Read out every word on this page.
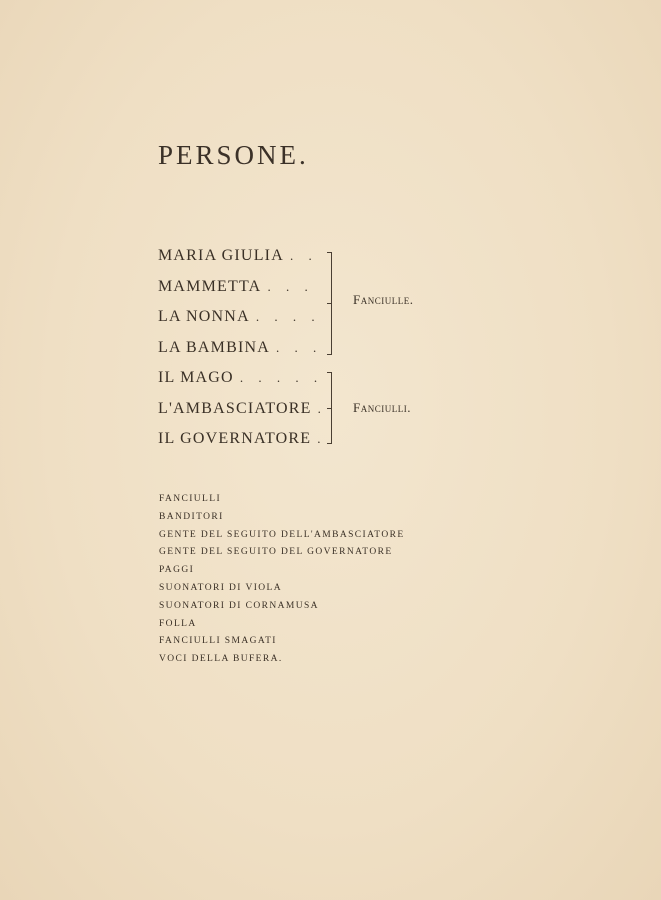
PERSONE.
MARIA GIULIA . .
MAMMETTA . . .
LA NONNA . . . .
LA BAMBINA . . .
IL MAGO . . . . .
L'AMBASCIATORE .
IL GOVERNATORE .
Fanciulle.
Fanciulli.
FANCIULLI
BANDITORI
GENTE DEL SEGUITO DELL'AMBASCIATORE
GENTE DEL SEGUITO DEL GOVERNATORE
PAGGI
SUONATORI DI VIOLA
SUONATORI DI CORNAMUSA
FOLLA
FANCIULLI SMAGATI
VOCI DELLA BUFERA.
